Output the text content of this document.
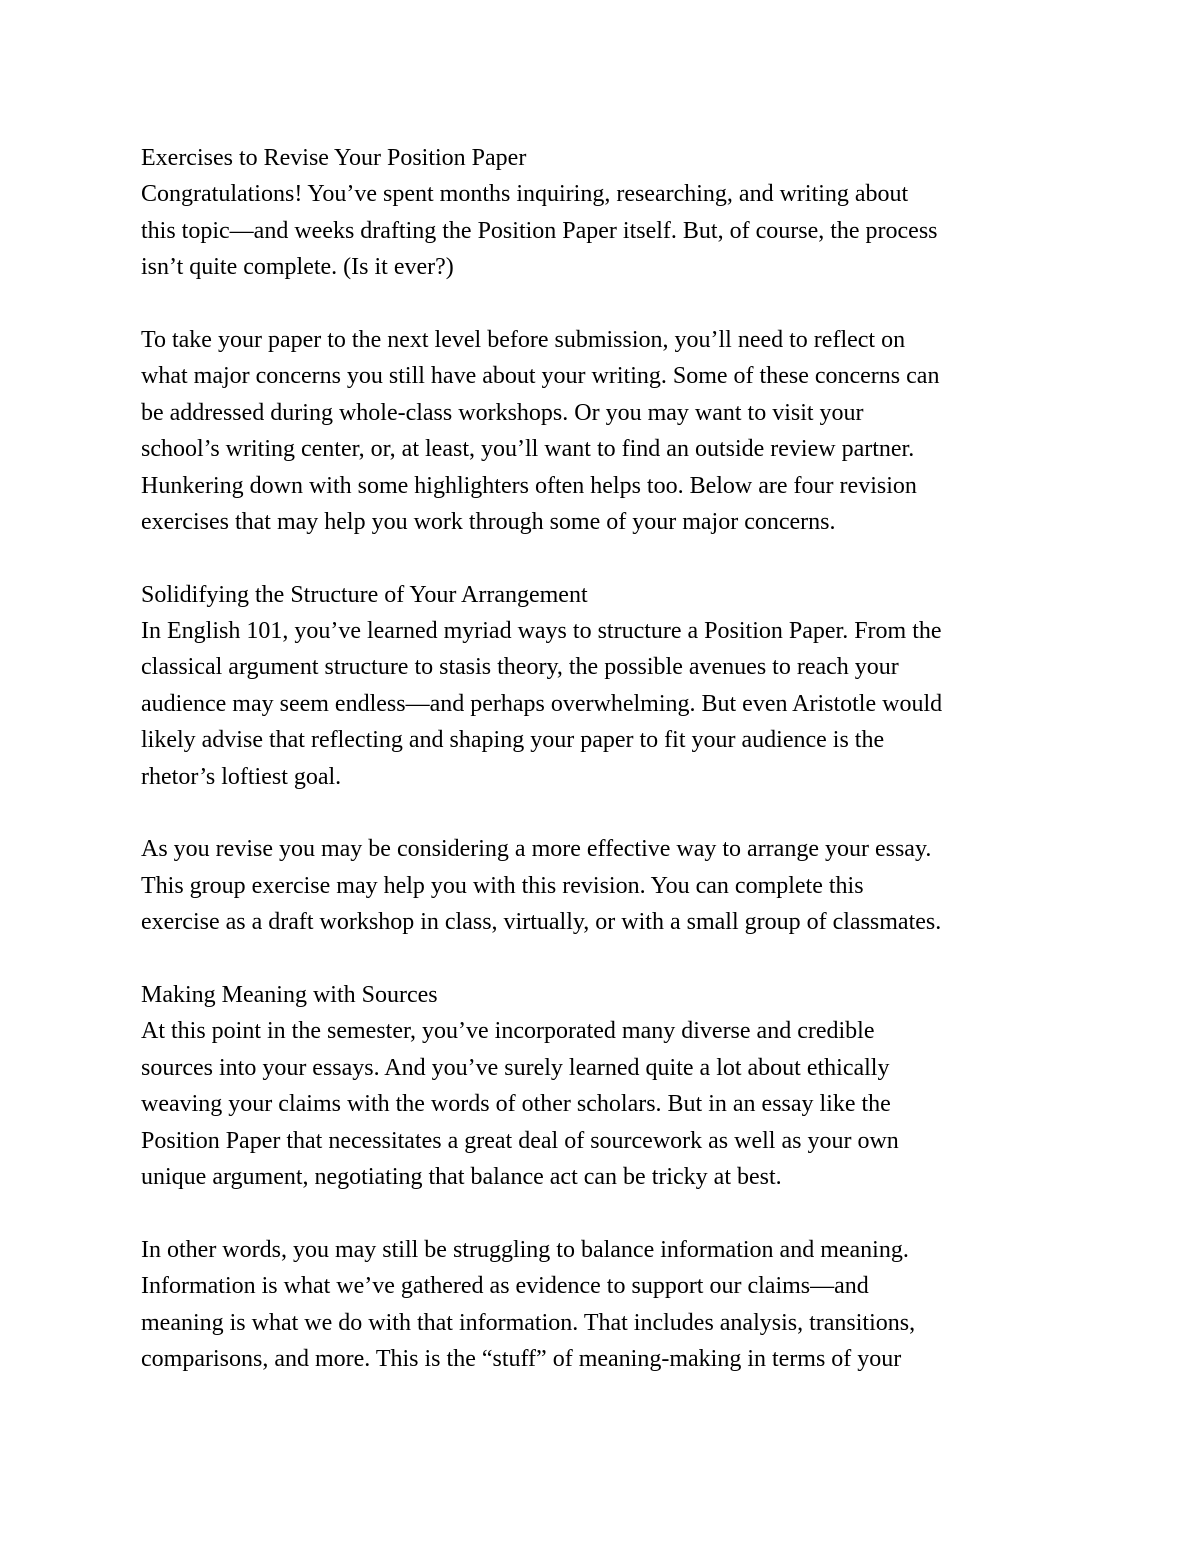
Exercises to Revise Your Position Paper
Congratulations! You’ve spent months inquiring, researching, and writing about
this topic—and weeks drafting the Position Paper itself. But, of course, the process
isn’t quite complete. (Is it ever?)
To take your paper to the next level before submission, you’ll need to reflect on
what major concerns you still have about your writing. Some of these concerns can
be addressed during whole-class workshops. Or you may want to visit your
school’s writing center, or, at least, you’ll want to find an outside review partner.
Hunkering down with some highlighters often helps too. Below are four revision
exercises that may help you work through some of your major concerns.
Solidifying the Structure of Your Arrangement
In English 101, you’ve learned myriad ways to structure a Position Paper. From the
classical argument structure to stasis theory, the possible avenues to reach your
audience may seem endless—and perhaps overwhelming. But even Aristotle would
likely advise that reflecting and shaping your paper to fit your audience is the
rhetor’s loftiest goal.
As you revise you may be considering a more effective way to arrange your essay.
This group exercise may help you with this revision. You can complete this
exercise as a draft workshop in class, virtually, or with a small group of classmates.
Making Meaning with Sources
At this point in the semester, you’ve incorporated many diverse and credible
sources into your essays. And you’ve surely learned quite a lot about ethically
weaving your claims with the words of other scholars. But in an essay like the
Position Paper that necessitates a great deal of sourcework as well as your own
unique argument, negotiating that balance act can be tricky at best.
In other words, you may still be struggling to balance information and meaning.
Information is what we’ve gathered as evidence to support our claims—and
meaning is what we do with that information. That includes analysis, transitions,
comparisons, and more. This is the “stuff” of meaning-making in terms of your
